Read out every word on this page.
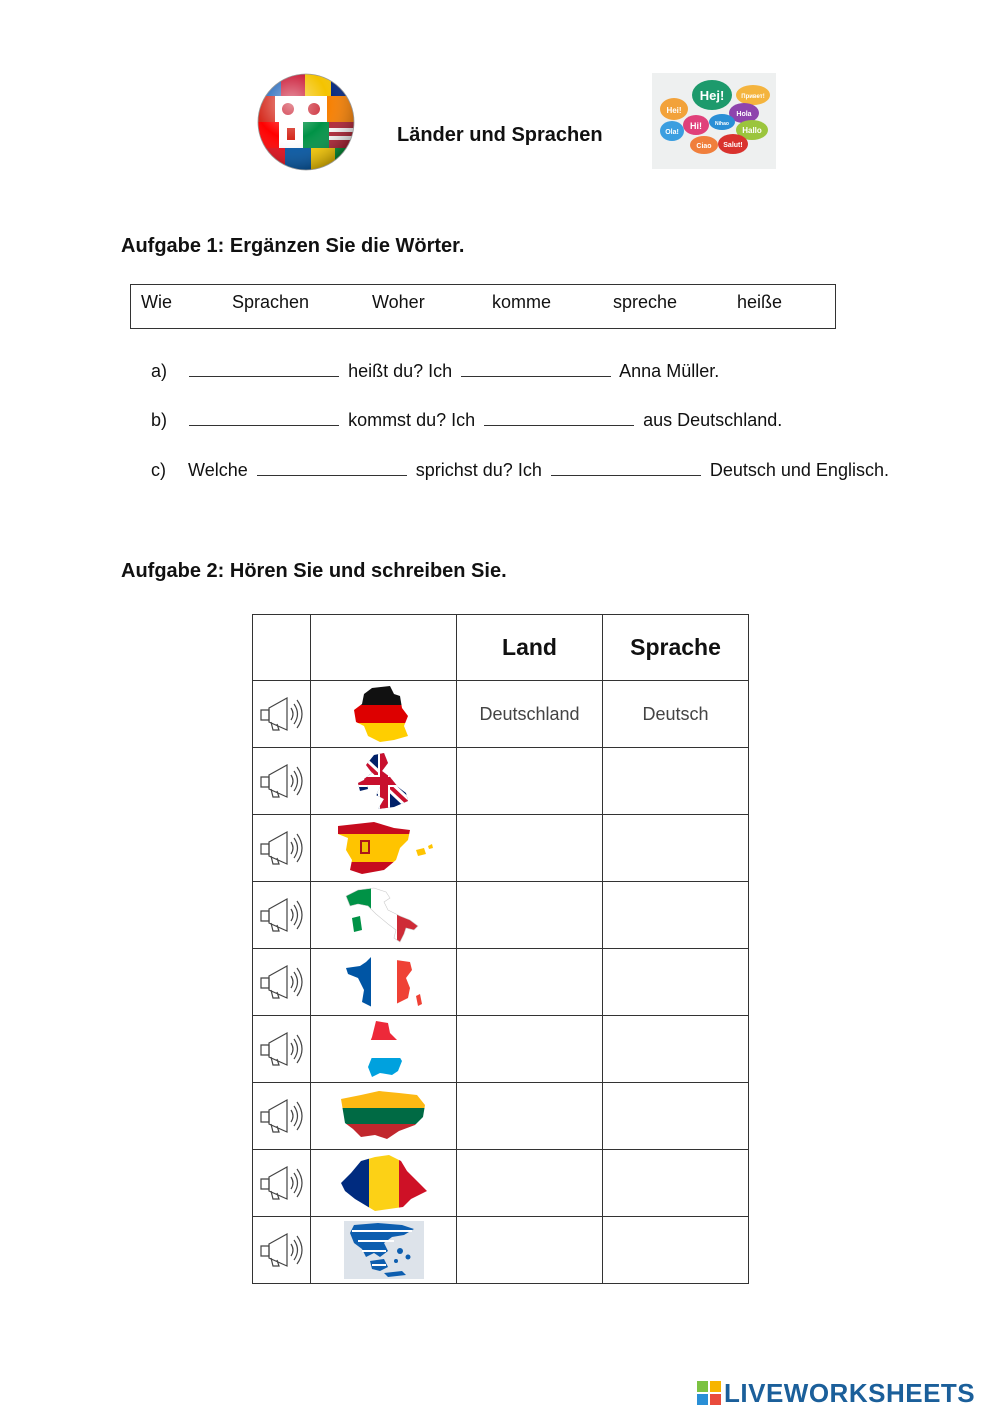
Länder und Sprachen
Hej!
Hei!
Привет!
Hola
Hi!	Nihao
Ola!	Hallo
Ciao Salut!
Aufgabe 1: Ergänzen Sie die Wörter.
Wie	Sprachen	Woher	komme	spreche	heiße
a)	heißt du? Ich	Anna Müller.
b)	kommst du? Ich	aus Deutschland.
c) Welche	sprichst du? Ich	Deutsch und Englisch.
Aufgabe 2: Hören Sie und schreiben Sie.
		Land	Sprache

	Deutschland	Deutsch

LIVEWORKSHEETS
